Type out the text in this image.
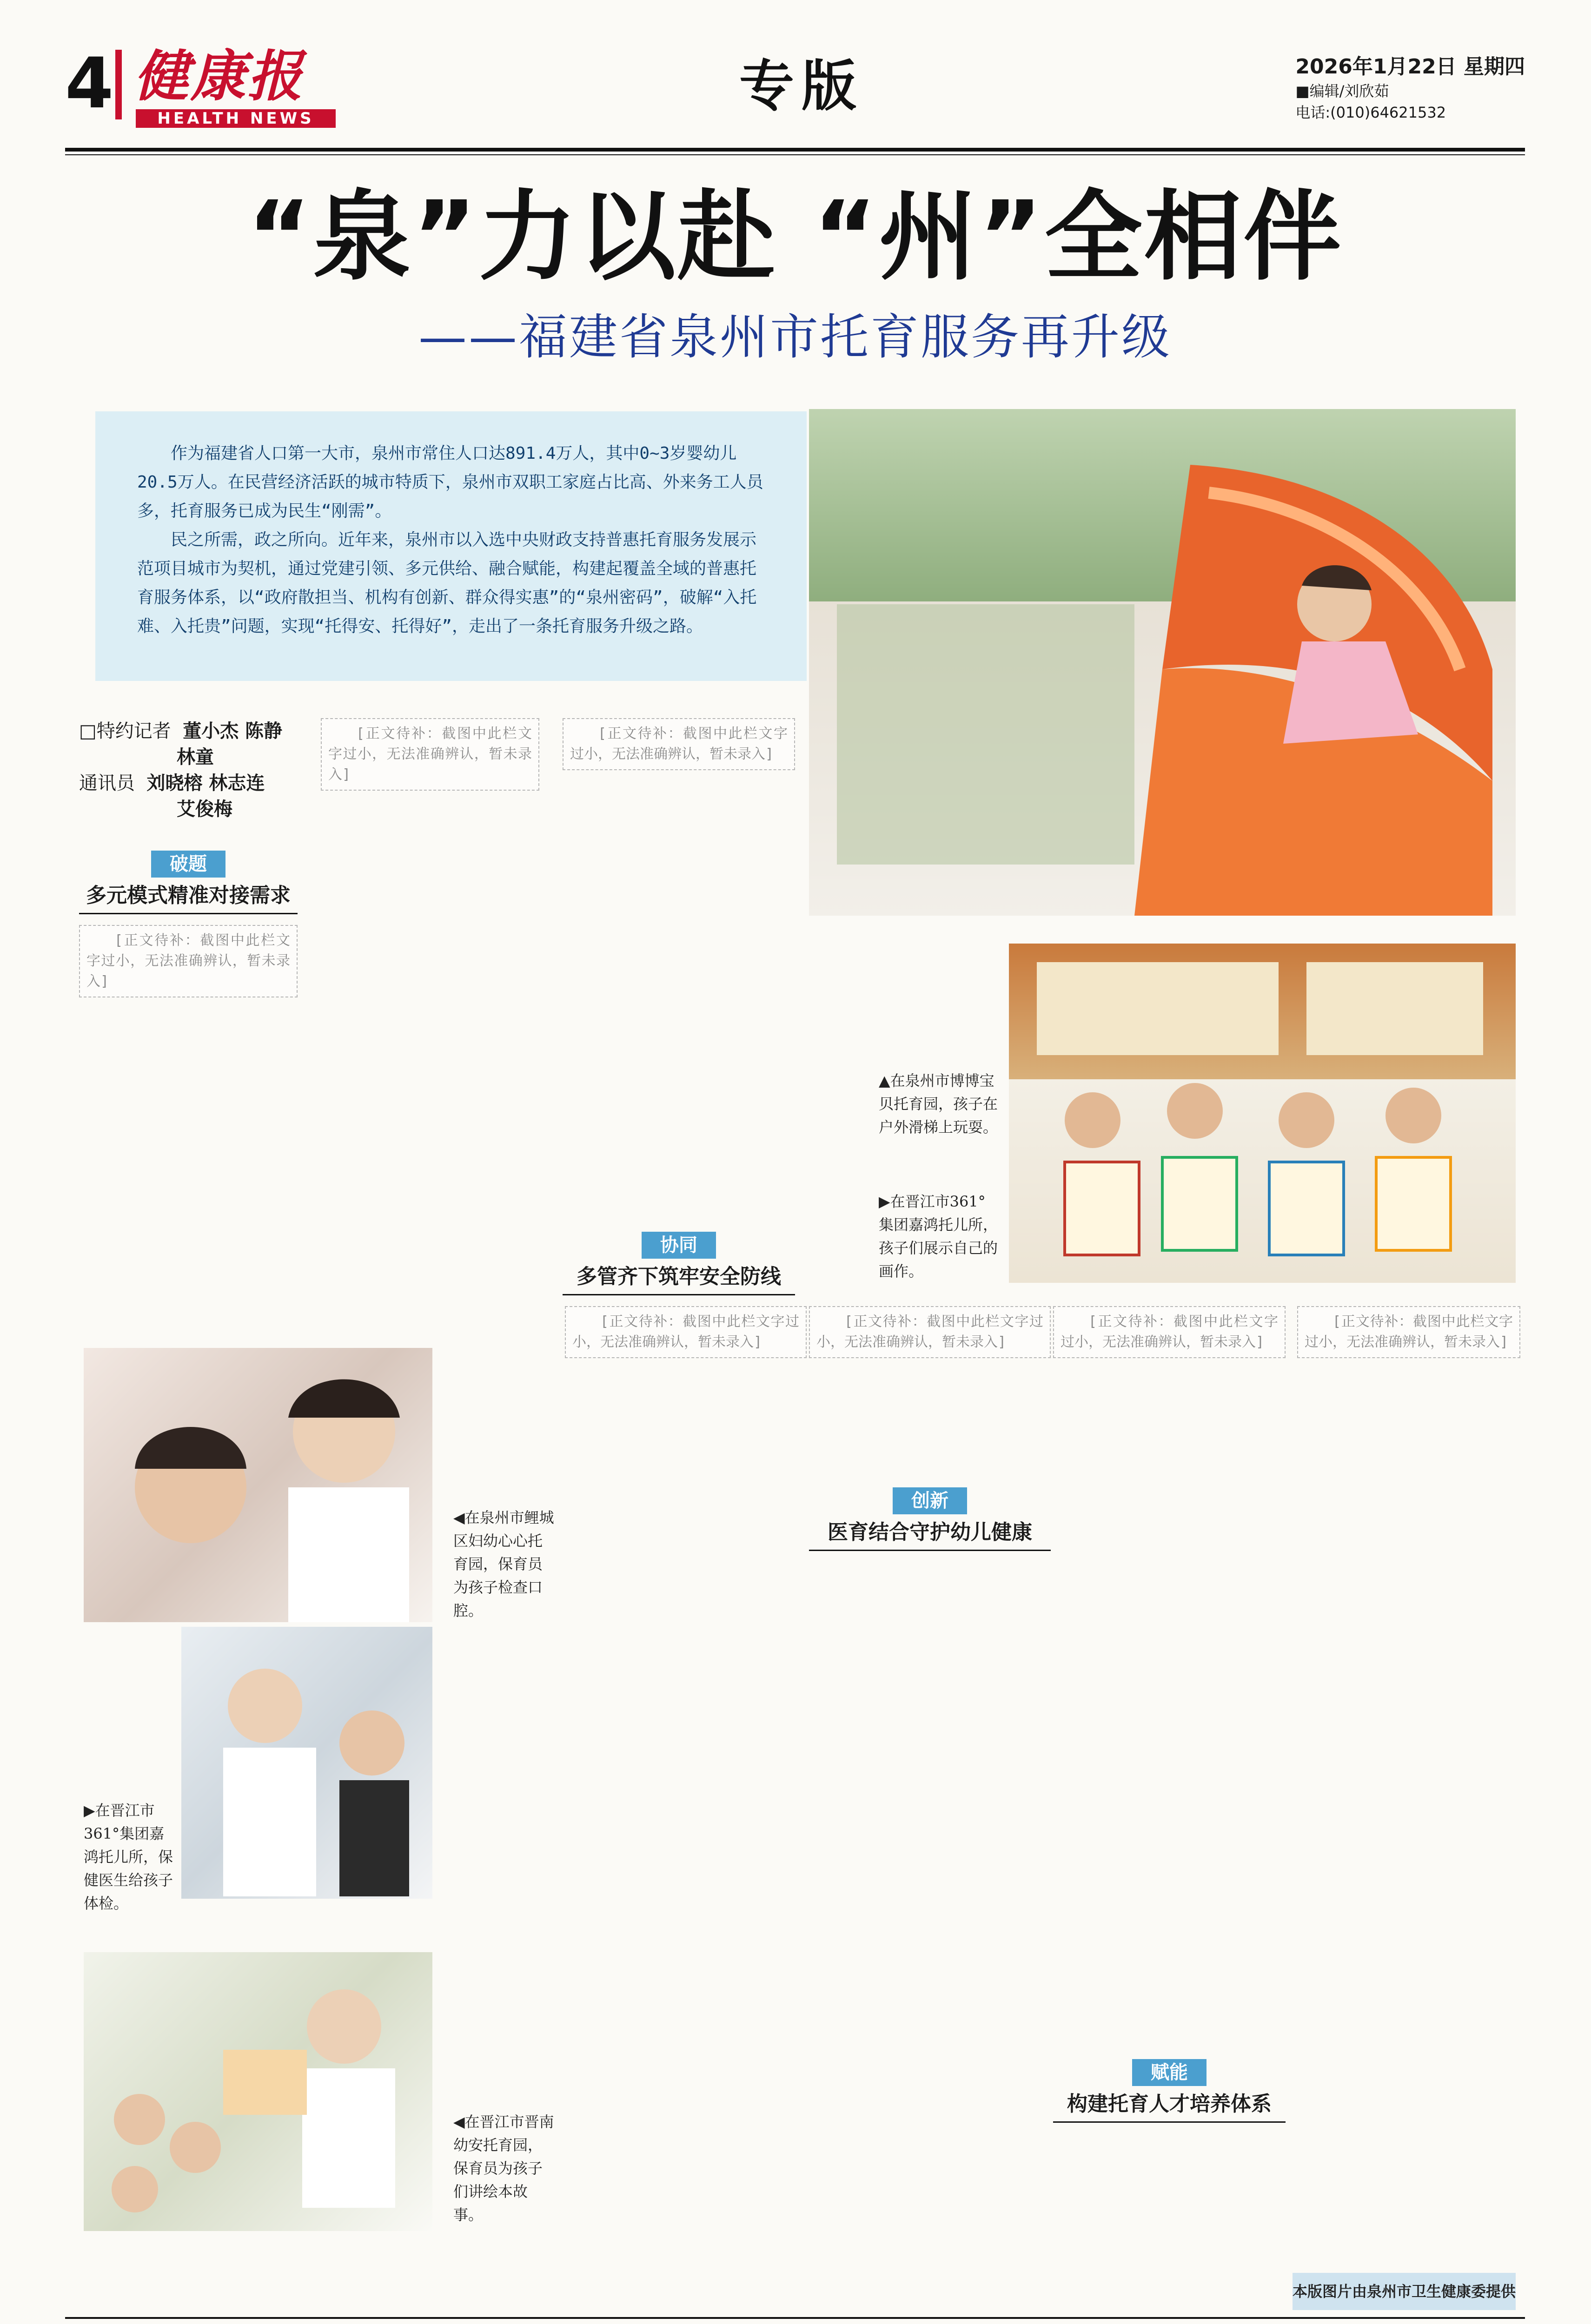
4 健康报
HEALTH NEWS
专版	2026年1月22日 星期四
■编辑/刘欣茹
电话:(010)64621532
“泉”力以赴 “州”全相伴
——福建省泉州市托育服务再升级

作为福建省人口第一大市，泉州市常住人口达891.4万人，其中0~3岁婴幼儿20.5万人。在民营经济活跃的城市特质下，泉州市双职工家庭占比高、外来务工人员多，托育服务已成为民生“刚需”。

民之所需，政之所向。近年来，泉州市以入选中央财政支持普惠托育服务发展示范项目城市为契机，通过党建引领、多元供给、融合赋能，构建起覆盖全域的普惠托育服务体系，以“政府散担当、机构有创新、群众得实惠”的“泉州密码”，破解“入托难、入托贵”问题，实现“托得安、托得好”，走出了一条托育服务升级之路。

▲在泉州市博博宝贝托育园，孩子在户外滑梯上玩耍。
▶在晋江市361°集团嘉鸿托儿所，孩子们展示自己的画作。
◀在泉州市鲤城区妇幼心心托育园，保育员为孩子检查口腔。
▶在晋江市361°集团嘉鸿托儿所，保健医生给孩子体检。
◀在晋江市晋南幼安托育园，保育员为孩子们讲绘本故事。
□特约记者 董小杰 陈静
林童
通讯员 刘晓榕 林志连
艾俊梅
破题
多元模式精准对接需求

[正文待补：截图中此栏文字过小，无法准确辨认，暂未录入]

[正文待补：截图中此栏文字过小，无法准确辨认，暂未录入]

[正文待补：截图中此栏文字过小，无法准确辨认，暂未录入]

协同
多管齐下筑牢安全防线

[正文待补：截图中此栏文字过小，无法准确辨认，暂未录入]

[正文待补：截图中此栏文字过小，无法准确辨认，暂未录入]

创新
医育结合守护幼儿健康

[正文待补：截图中此栏文字过小，无法准确辨认，暂未录入]

赋能
构建托育人才培养体系

[正文待补：截图中此栏文字过小，无法准确辨认，暂未录入]

本版图片由泉州市卫生健康委提供
